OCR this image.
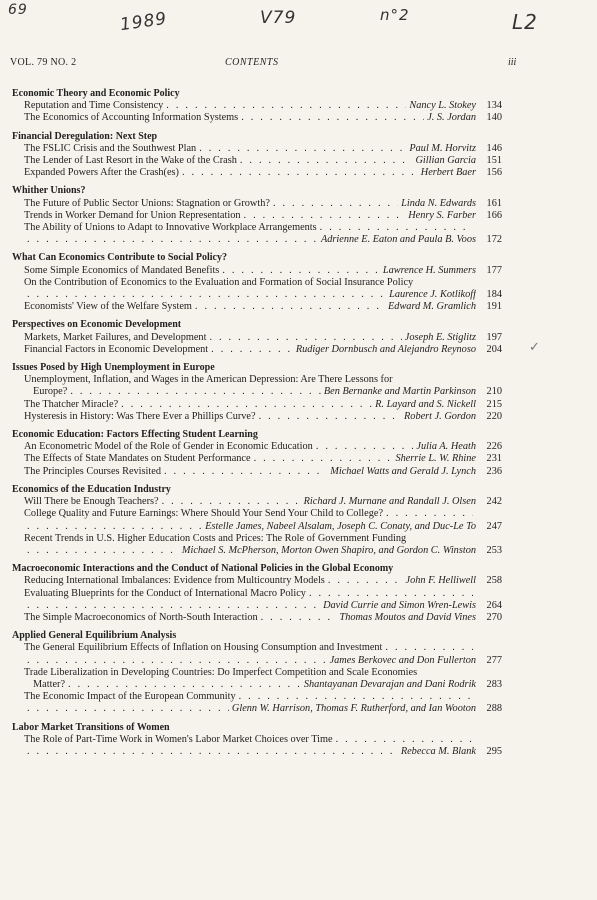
69	1989	V79	n°2	L2
VOL. 79 NO. 2	CONTENTS	iii
Economic Theory and Economic Policy
Reputation and Time Consistency . . .	Nancy L. Stokey	134
The Economics of Accounting Information Systems . . .	J. S. Jordan	140
Financial Deregulation: Next Step
The FSLIC Crisis and the Southwest Plan . . .	Paul M. Horvitz	146
The Lender of Last Resort in the Wake of the Crash . . .	Gillian Garcia	151
Expanded Powers After the Crash(es) . . .	Herbert Baer	156
Whither Unions?
The Future of Public Sector Unions: Stagnation or Growth? . . .	Linda N. Edwards	161
Trends in Worker Demand for Union Representation . . .	Henry S. Farber	166
The Ability of Unions to Adapt to Innovative Workplace Arrangements
. . .
. . .
Adrienne E. Eaton and Paula B. Voos	172
What Can Economics Contribute to Social Policy?
Some Simple Economics of Mandated Benefits . . .	Lawrence H. Summers	177
On the Contribution of Economics to the Evaluation and Formation of Social Insurance Policy
. . .
Laurence J. Kotlikoff	184
Economists' View of the Welfare System . . .	Edward M. Gramlich	191
Perspectives on Economic Development
Markets, Market Failures, and Development . . .	Joseph E. Stiglitz	197
Financial Factors in Economic Development . . .	Rudiger Dornbusch and Alejandro Reynoso	204
Issues Posed by High Unemployment in Europe
Unemployment, Inflation, and Wages in the American Depression: Are There Lessons for
Europe? . . .	Ben Bernanke and Martin Parkinson	210
The Thatcher Miracle? . . .	R. Layard and S. Nickell	215
Hysteresis in History: Was There Ever a Phillips Curve? . . .	Robert J. Gordon	220
Economic Education: Factors Effecting Student Learning
An Econometric Model of the Role of Gender in Economic Education . . .	Julia A. Heath	226
The Effects of State Mandates on Student Performance . . .	Sherrie L. W. Rhine	231
The Principles Courses Revisited . . .	Michael Watts and Gerald J. Lynch	236
Economics of the Education Industry
Will There be Enough Teachers? . . .	Richard J. Murnane and Randall J. Olsen	242
College Quality and Future Earnings: Where Should Your Send Your Child to College?
. . .
. . .
Estelle James, Nabeel Alsalam, Joseph C. Conaty, and Duc-Le To	247
Recent Trends in U.S. Higher Education Costs and Prices: The Role of Government Funding
. . .
Michael S. McPherson, Morton Owen Shapiro, and Gordon C. Winston	253
Macroeconomic Interactions and the Conduct of National Policies in the Global Economy
Reducing International Imbalances: Evidence from Multicountry Models . . .	John F. Helliwell	258
Evaluating Blueprints for the Conduct of International Macro Policy
. . .
. . .
David Currie and Simon Wren-Lewis	264
The Simple Macroeconomics of North-South Interaction . . .	Thomas Moutos and David Vines	270
Applied General Equilibrium Analysis
The General Equilibrium Effects of Inflation on Housing Consumption and Investment
. . .
. . .
James Berkovec and Don Fullerton	277
Trade Liberalization in Developing Countries: Do Imperfect Competition and Scale Economies
Matter? . . .	Shantayanan Devarajan and Dani Rodrik	283
The Economic Impact of the European Community
. . .
. . .
Glenn W. Harrison, Thomas F. Rutherford, and Ian Wooton	288
Labor Market Transitions of Women
The Role of Part-Time Work in Women's Labor Market Choices over Time
. . .
. . .
Rebecca M. Blank	295
✓
